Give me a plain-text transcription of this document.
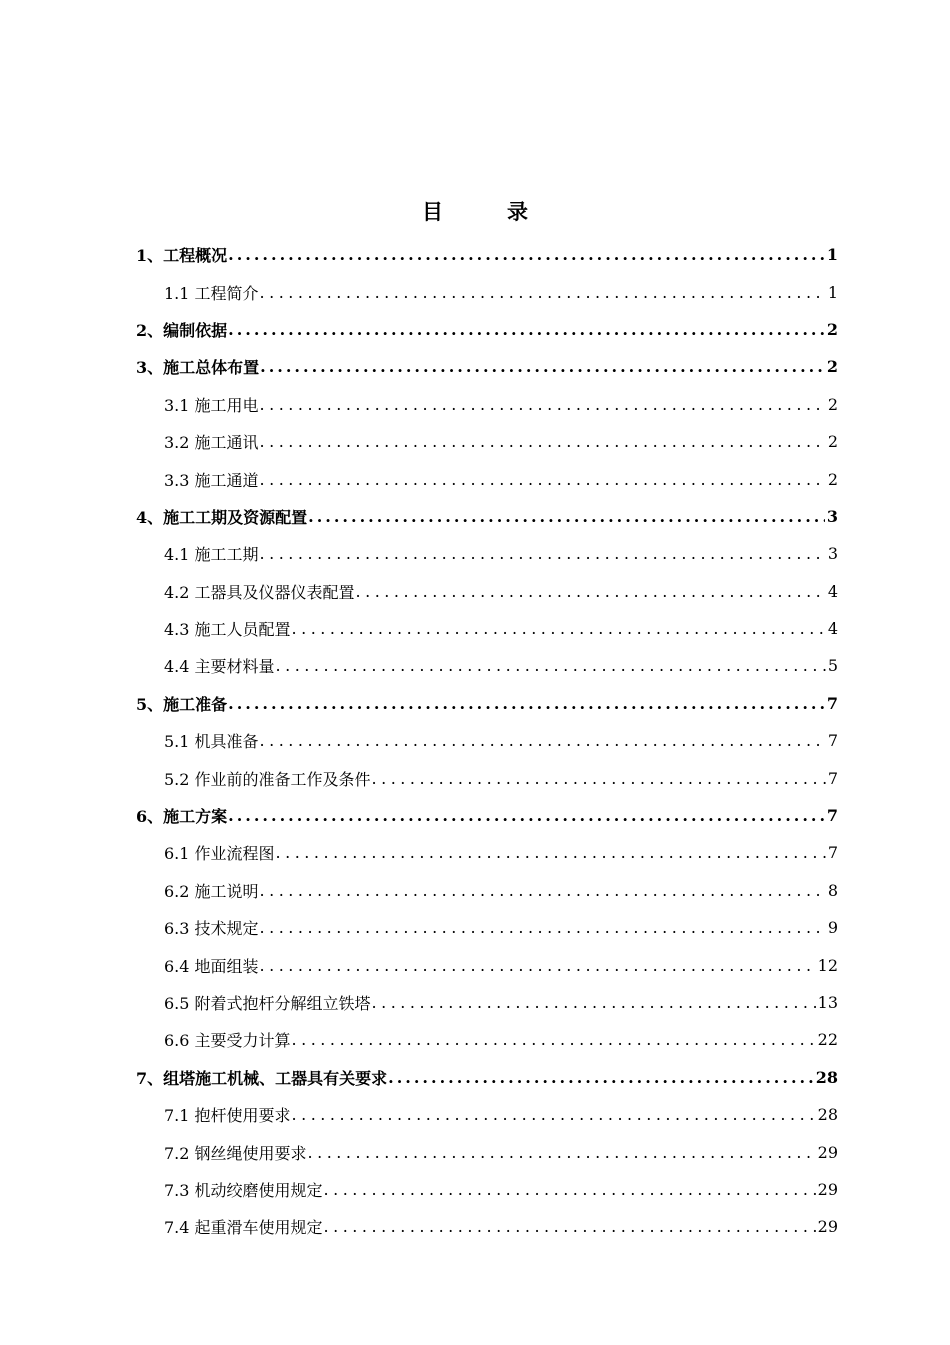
目	录
1、工程概况 .....	1
1.1 工程简介 .....	1
2、编制依据 .....	2
3、施工总体布置 .....	2
3.1 施工用电 .....	2
3.2 施工通讯 .....	2
3.3 施工通道 .....	2
4、施工工期及资源配置 .....	3
4.1 施工工期 .....	3
4.2 工器具及仪器仪表配置 .....	4
4.3 施工人员配置 .....	4
4.4 主要材料量 .....	5
5、施工准备 .....	7
5.1 机具准备 .....	7
5.2 作业前的准备工作及条件 .....	7
6、施工方案 .....	7
6.1 作业流程图 .....	7
6.2 施工说明 .....	8
6.3 技术规定 .....	9
6.4 地面组装 .....	12
6.5 附着式抱杆分解组立铁塔 .....	13
6.6 主要受力计算 .....	22
7、组塔施工机械、工器具有关要求 .....	28
7.1 抱杆使用要求 .....	28
7.2 钢丝绳使用要求 .....	29
7.3 机动绞磨使用规定 .....	29
7.4 起重滑车使用规定 .....	29
